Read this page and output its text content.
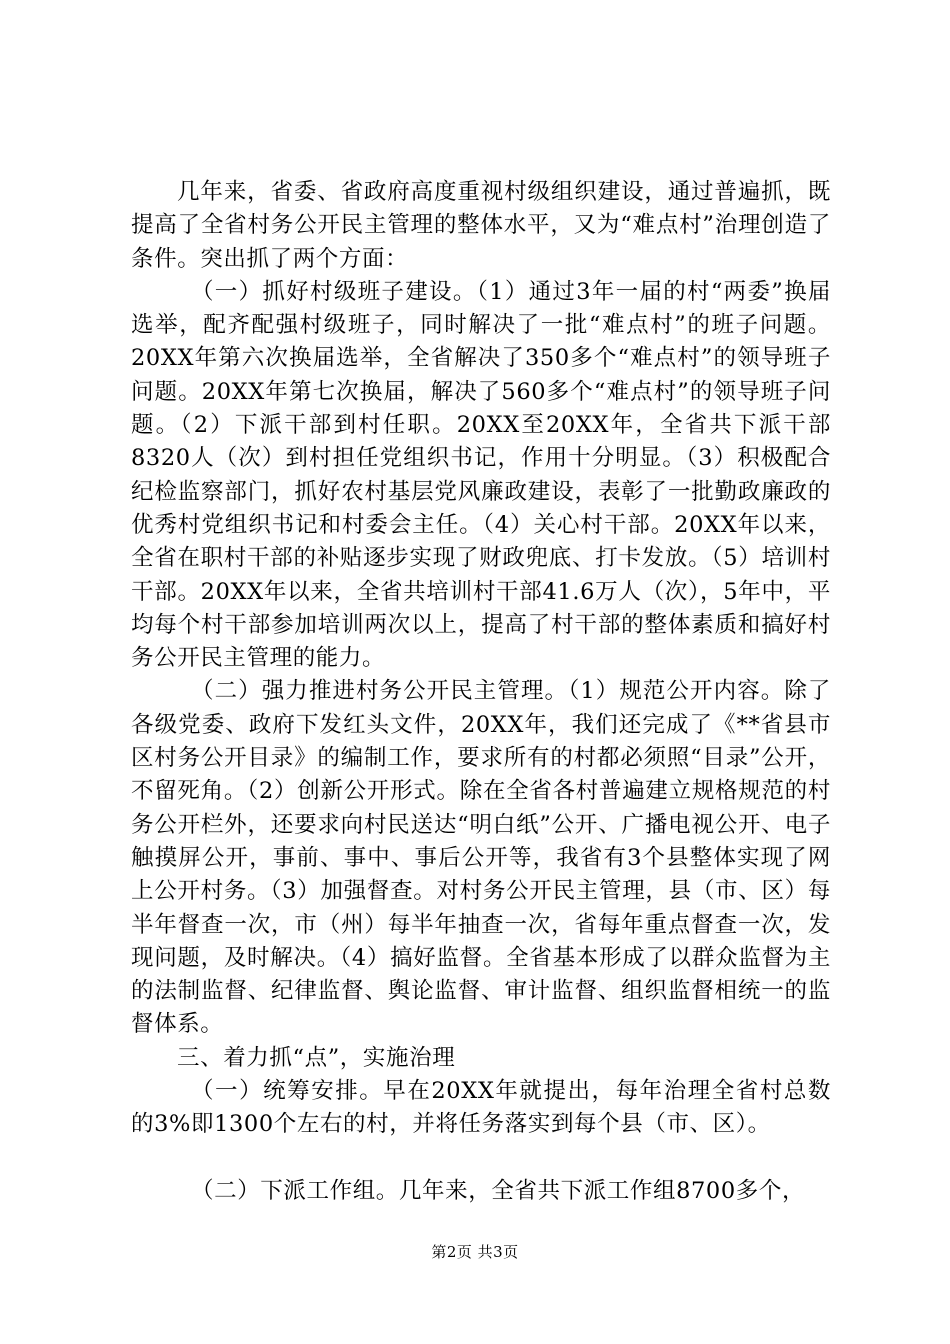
几年来，省委、省政府高度重视村级组织建设，通过普遍抓，既提高了全省村务公开民主管理的整体水平，又为“难点村”治理创造了条件。突出抓了两个方面：

（一）抓好村级班子建设。（1）通过3年一届的村“两委”换届选举，配齐配强村级班子，同时解决了一批“难点村”的班子问题。20XX年第六次换届选举，全省解决了350多个“难点村”的领导班子问题。20XX年第七次换届，解决了560多个“难点村”的领导班子问题。（2）下派干部到村任职。20XX至20XX年，全省共下派干部8320人（次）到村担任党组织书记，作用十分明显。（3）积极配合纪检监察部门，抓好农村基层党风廉政建设，表彰了一批勤政廉政的优秀村党组织书记和村委会主任。（4）关心村干部。20XX年以来，全省在职村干部的补贴逐步实现了财政兜底、打卡发放。（5）培训村干部。20XX年以来，全省共培训村干部41.6万人（次），5年中，平均每个村干部参加培训两次以上，提高了村干部的整体素质和搞好村务公开民主管理的能力。

（二）强力推进村务公开民主管理。（1）规范公开内容。除了各级党委、政府下发红头文件，20XX年，我们还完成了《**省县市区村务公开目录》的编制工作，要求所有的村都必须照“目录”公开，不留死角。（2）创新公开形式。除在全省各村普遍建立规格规范的村务公开栏外，还要求向村民送达“明白纸”公开、广播电视公开、电子触摸屏公开，事前、事中、事后公开等，我省有3个县整体实现了网上公开村务。（3）加强督查。对村务公开民主管理，县（市、区）每半年督查一次，市（州）每半年抽查一次，省每年重点督查一次，发现问题，及时解决。（4）搞好监督。全省基本形成了以群众监督为主的法制监督、纪律监督、舆论监督、审计监督、组织监督相统一的监督体系。

三、着力抓“点”，实施治理

（一）统筹安排。早在20XX年就提出，每年治理全省村总数的3%即1300个左右的村，并将任务落实到每个县（市、区）。

（二）下派工作组。几年来，全省共下派工作组8700多个，

第2页 共3页
